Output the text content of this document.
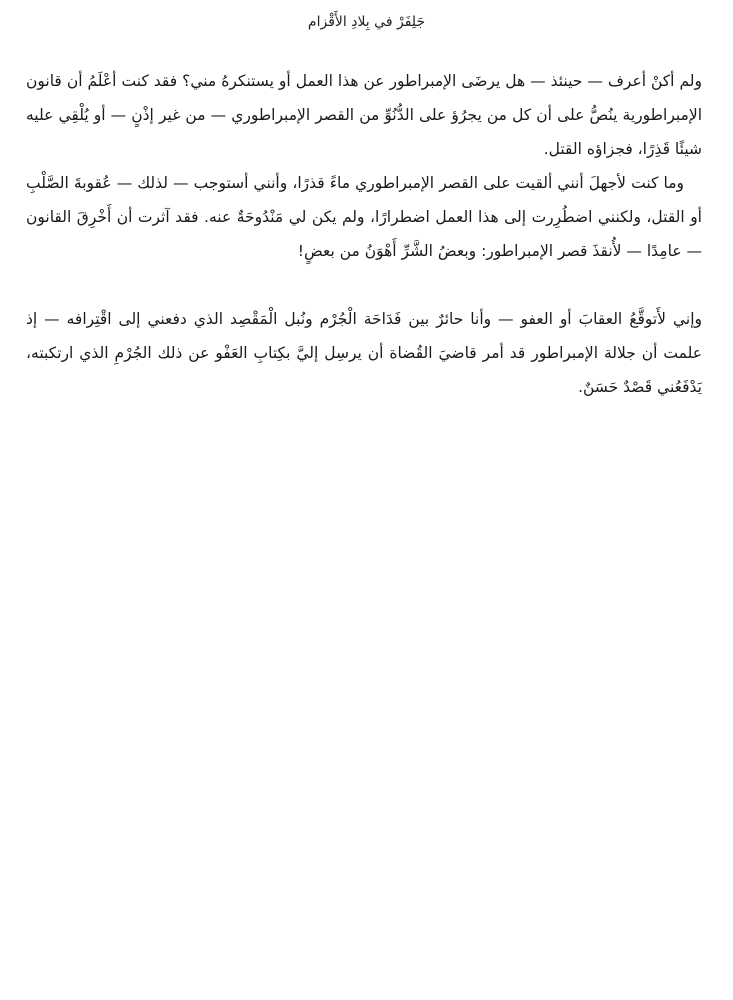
جَلِفَرْ في بِلادِ الأَقْزام

ولم أكنْ أعرف — حينئذ — هل يرضَى الإمبراطور عن هذا العمل أو يستنكرهُ مني؟ فقد كنت أعْلَمُ أن قانون الإمبراطورية ينُصُّ على أن كل من يجرُؤ على الدُّنُوِّ من القصر الإمبراطوري — من غير إذْنٍ — أو يُلْقِي عليه شيئًا قَذِرًا، فجزاؤه القتل.

وما كنت لأجهلَ أنني ألقيت على القصر الإمبراطوري ماءً قذرًا، وأنني أستوجب — لذلك — عُقوبةَ الصَّلْبِ أو القتل، ولكنني اضطُرِرت إلى هذا العمل اضطرارًا، ولم يكن لي مَنْدُوحَةٌ عنه. فقد آثرت أن أَخْرِقَ القانون — عامِدًا — لأُنقذَ قصر الإمبراطور: وبعضُ الشَّرِّ أَهْوَنُ من بعضٍ!

وإني لأَتوقَّعُ العقابَ أو العفو — وأنا حائرٌ بين فَدَاحَة الْجُرْم ونُبل الْمَقْصِد الذي دفعني إلى اقْتِرافه — إذ علمت أن جلالة الإمبراطور قد أمر قاضيَ القُضاة أن يرسِل إليَّ بكِتابِ العَفْو عن ذلك الجُرْمِ الذي ارتكبته، يَدْفَعُني قَصْدٌ حَسَنٌ.
